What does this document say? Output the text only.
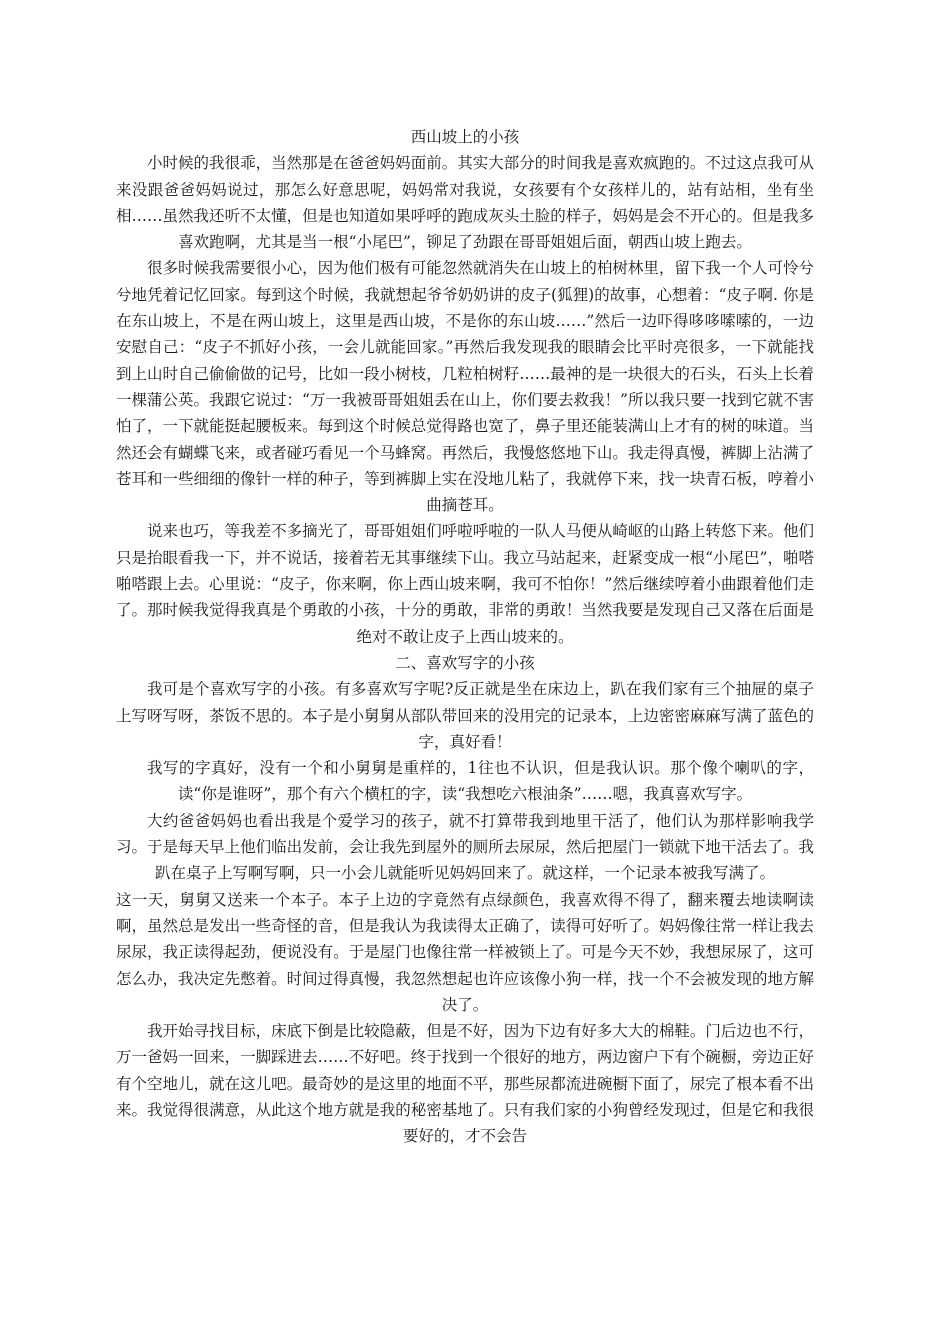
西山坡上的小孩

小时候的我很乖，当然那是在爸爸妈妈面前。其实大部分的时间我是喜欢疯跑的。不过这点我可从来没跟爸爸妈妈说过，那怎么好意思呢，妈妈常对我说，女孩要有个女孩样儿的，站有站相，坐有坐相……虽然我还听不太懂，但是也知道如果呼呼的跑成灰头土脸的样子，妈妈是会不开心的。但是我多喜欢跑啊，尤其是当一根“小尾巴”，铆足了劲跟在哥哥姐姐后面，朝西山坡上跑去。

很多时候我需要很小心，因为他们极有可能忽然就消失在山坡上的柏树林里，留下我一个人可怜兮兮地凭着记忆回家。每到这个时候，我就想起爷爷奶奶讲的皮子(狐狸)的故事，心想着：“皮子啊. 你是在东山坡上，不是在两山坡上，这里是西山坡，不是你的东山坡……”然后一边吓得哆哆嗦嗦的，一边安慰自己：“皮子不抓好小孩，一会儿就能回家。”再然后我发现我的眼睛会比平时亮很多，一下就能找到上山时自己偷偷做的记号，比如一段小树枝，几粒柏树籽……最神的是一块很大的石头，石头上长着一棵蒲公英。我跟它说过：“万一我被哥哥姐姐丢在山上，你们要去救我！”所以我只要一找到它就不害怕了，一下就能挺起腰板来。每到这个时候总觉得路也宽了，鼻子里还能装满山上才有的树的味道。当然还会有蝴蝶飞来，或者碰巧看见一个马蜂窝。再然后，我慢悠悠地下山。我走得真慢，裤脚上沾满了苍耳和一些细细的像针一样的种子，等到裤脚上实在没地儿粘了，我就停下来，找一块青石板，哼着小曲摘苍耳。

说来也巧，等我差不多摘光了，哥哥姐姐们呼啦呼啦的一队人马便从崎岖的山路上转悠下来。他们只是抬眼看我一下，并不说话，接着若无其事继续下山。我立马站起来，赶紧变成一根“小尾巴”，啪嗒啪嗒跟上去。心里说：“皮子，你来啊，你上西山坡来啊，我可不怕你！”然后继续哼着小曲跟着他们走了。那时候我觉得我真是个勇敢的小孩，十分的勇敢，非常的勇敢！当然我要是发现自己又落在后面是绝对不敢让皮子上西山坡来的。

二、喜欢写字的小孩

我可是个喜欢写字的小孩。有多喜欢写字呢?反正就是坐在床边上，趴在我们家有三个抽屉的桌子上写呀写呀，茶饭不思的。本子是小舅舅从部队带回来的没用完的记录本，上边密密麻麻写满了蓝色的字，真好看！

我写的字真好，没有一个和小舅舅是重样的，1往也不认识，但是我认识。那个像个喇叭的字，读“你是谁呀”，那个有六个横杠的字，读“我想吃六根油条”……嗯，我真喜欢写字。

大约爸爸妈妈也看出我是个爱学习的孩子，就不打算带我到地里干活了，他们认为那样影响我学习。于是每天早上他们临出发前，会让我先到屋外的厕所去尿尿，然后把屋门一锁就下地干活去了。我趴在桌子上写啊写啊，只一小会儿就能听见妈妈回来了。就这样，一个记录本被我写满了。

这一天，舅舅又送来一个本子。本子上边的字竟然有点绿颜色，我喜欢得不得了，翻来覆去地读啊读啊，虽然总是发出一些奇怪的音，但是我认为我读得太正确了，读得可好听了。妈妈像往常一样让我去尿尿，我正读得起劲，便说没有。于是屋门也像往常一样被锁上了。可是今天不妙，我想尿尿了，这可怎么办，我决定先憋着。时间过得真慢，我忽然想起也许应该像小狗一样，找一个不会被发现的地方解决了。

我开始寻找目标，床底下倒是比较隐蔽，但是不好，因为下边有好多大大的棉鞋。门后边也不行，万一爸妈一回来，一脚踩进去……不好吧。终于找到一个很好的地方，两边窗户下有个碗橱，旁边正好有个空地儿，就在这儿吧。最奇妙的是这里的地面不平，那些尿都流进碗橱下面了，尿完了根本看不出来。我觉得很满意，从此这个地方就是我的秘密基地了。只有我们家的小狗曾经发现过，但是它和我很要好的，才不会告
